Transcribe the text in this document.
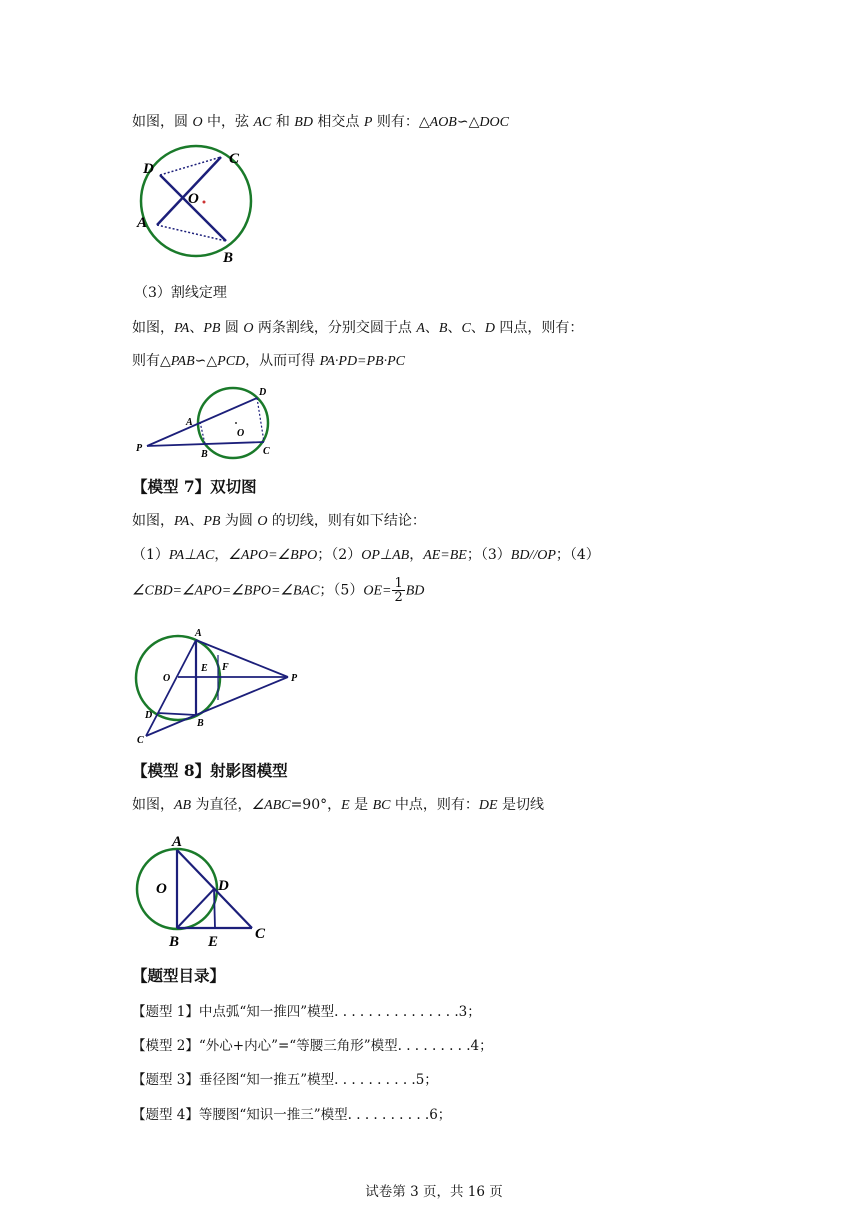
如图，圆 O 中，弦 AC 和 BD 相交点 P 则有：△AOB∽△DOC
D
C
O
A
B
（3）割线定理
如图，PA、PB 圆 O 两条割线，分别交圆于点 A、B、C、D 四点，则有：
则有△PAB∽△PCD，从而可得 PA·PD=PB·PC
D
A
O
P
B	C
【模型 7】双切图
如图，PA、PB 为圆 O 的切线，则有如下结论：
（1）PA⊥AC，∠APO=∠BPO；（2）OP⊥AB，AE=BE；（3）BD//OP；（4）
∠CBD=∠APO=∠BPO=∠BAC；$(5)OE= \frac{1}{2}$ BD
A
E F
O	P
D
B
C
【模型 8】射影图模型
如图，AB 为直径，∠ABC=90°，E 是 BC 中点，则有：DE 是切线
A
O	D
B E C
【题型目录】
【题型 1】中点弧“知一推四”模型. . . . . . . . . . . . . . .3；
【模型 2】“外心+内心”=“等腰三角形”模型. . . . . . . . .4；
【题型 3】垂径图“知一推五”模型. . . . . . . . . .5；
【题型 4】等腰图“知识一推三”模型. . . . . . . . . .6；
试卷第 3 页，共 16 页
